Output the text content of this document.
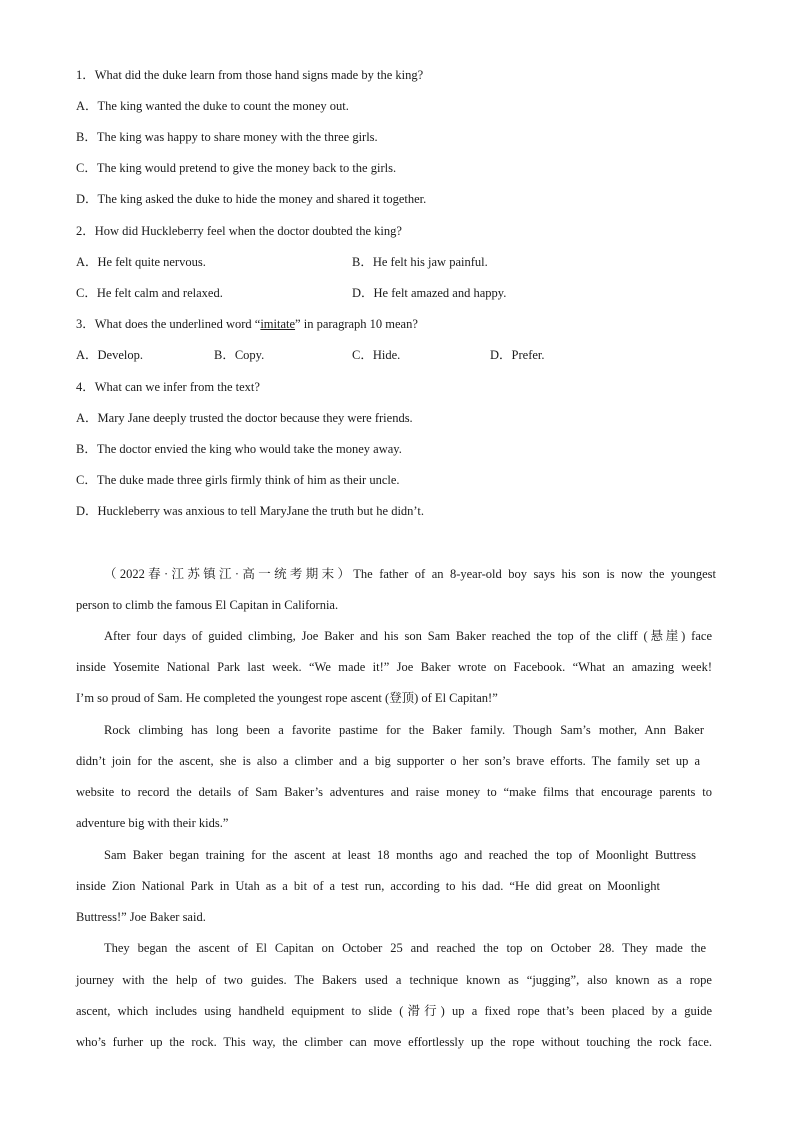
1．What did the duke learn from those hand signs made by the king?
A．The king wanted the duke to count the money out.
B．The king was happy to share money with the three girls.
C．The king would pretend to give the money back to the girls.
D．The king asked the duke to hide the money and shared it together.
2．How did Huckleberry feel when the doctor doubted the king?
A．He felt quite nervous.	B．He felt his jaw painful.
C．He felt calm and relaxed.	D．He felt amazed and happy.
3．What does the underlined word “imitate” in paragraph 10 mean?
A．Develop.	B．Copy.	C．Hide.	D．Prefer.
4．What can we infer from the text?
A．Mary Jane deeply trusted the doctor because they were friends.
B．The doctor envied the king who would take the money away.
C．The duke made three girls firmly think of him as their uncle.
D．Huckleberry was anxious to tell MaryJane the truth but he didn’t.
（2022春·江苏镇江·高一统考期末）The father of an 8-year-old boy says his son is now the youngest
person to climb the famous El Capitan in California.
After four days of guided climbing, Joe Baker and his son Sam Baker reached the top of the cliff (悬崖) face
inside Yosemite National Park last week. “We made it!” Joe Baker wrote on Facebook. “What an amazing week!
I’m so proud of Sam. He completed the youngest rope ascent (登顶) of El Capitan!”
Rock climbing has long been a favorite pastime for the Baker family. Though Sam’s mother, Ann Baker
didn’t join for the ascent, she is also a climber and a big supporter o her son’s brave efforts. The family set up a
website to record the details of Sam Baker’s adventures and raise money to “make films that encourage parents to
adventure big with their kids.”
Sam Baker began training for the ascent at least 18 months ago and reached the top of Moonlight Buttress
inside Zion National Park in Utah as a bit of a test run, according to his dad. “He did great on Moonlight
Buttress!” Joe Baker said.
They began the ascent of El Capitan on October 25 and reached the top on October 28. They made the
journey with the help of two guides. The Bakers used a technique known as “jugging”, also known as a rope
ascent, which includes using handheld equipment to slide (滑行) up a fixed rope that’s been placed by a guide
who’s furher up the rock. This way, the climber can move effortlessly up the rope without touching the rock face.
